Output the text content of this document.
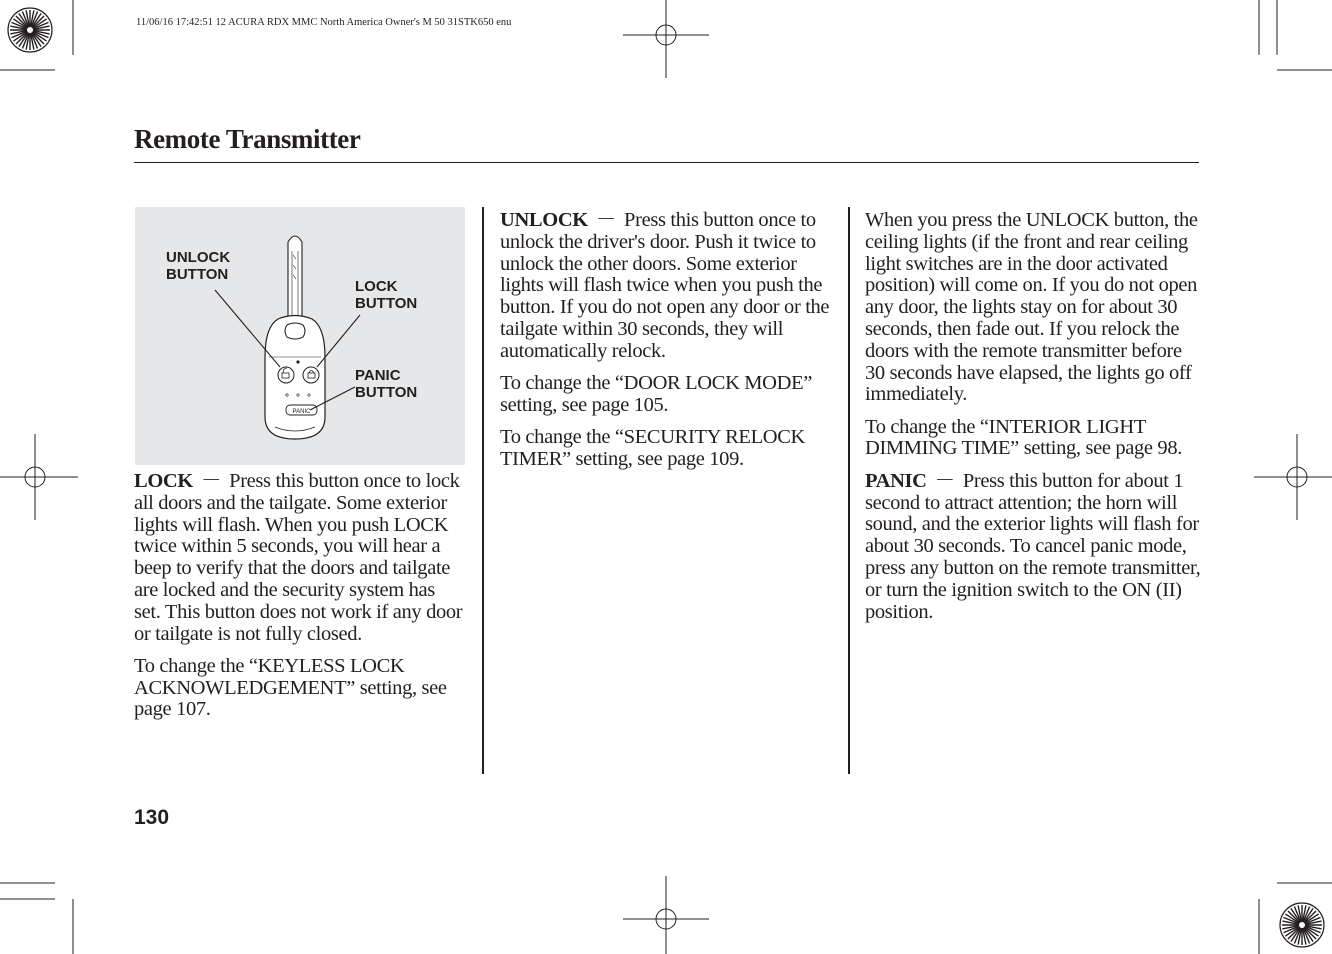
11/06/16 17:42:51 12 ACURA RDX MMC North America Owner's M 50 31STK650 enu
Remote Transmitter
PANIC
UNLOCK
BUTTON
LOCK
BUTTON
PANIC
BUTTON

LOCK － Press this button once to lock all doors and the tailgate. Some exterior lights will flash. When you push LOCK twice within 5 seconds, you will hear a beep to verify that the doors and tailgate are locked and the security system has set. This button does not work if any door or tailgate is not fully closed.

To change the “KEYLESS LOCK ACKNOWLEDGEMENT” setting, see page 107.

UNLOCK － Press this button once to unlock the driver's door. Push it twice to unlock the other doors. Some exterior lights will flash twice when you push the button. If you do not open any door or the tailgate within 30 seconds, they will automatically relock.

To change the “DOOR LOCK MODE” setting, see page 105.

To change the “SECURITY RELOCK TIMER” setting, see page 109.

When you press the UNLOCK button, the ceiling lights (if the front and rear ceiling light switches are in the door activated position) will come on. If you do not open any door, the lights stay on for about 30 seconds, then fade out. If you relock the doors with the remote transmitter before 30 seconds have elapsed, the lights go off immediately.

To change the “INTERIOR LIGHT DIMMING TIME” setting, see page 98.

PANIC － Press this button for about 1 second to attract attention; the horn will sound, and the exterior lights will flash for about 30 seconds. To cancel panic mode, press any button on the remote transmitter, or turn the ignition switch to the ON (II) position.

130
